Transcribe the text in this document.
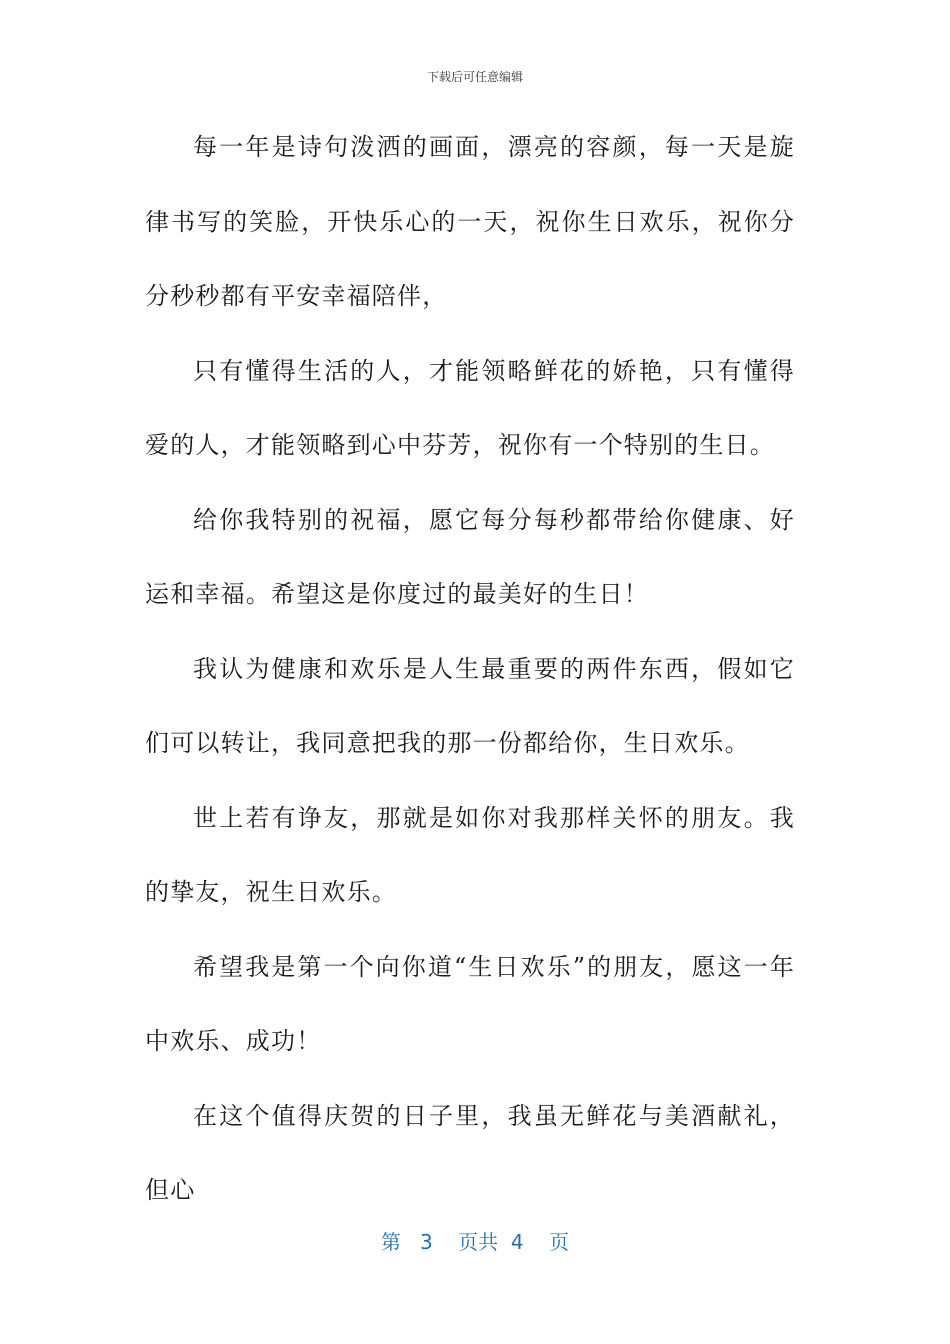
下载后可任意编辑

每一年是诗句泼洒的画面，漂亮的容颜，每一天是旋律书写的笑脸，开快乐心的一天，祝你生日欢乐，祝你分分秒秒都有平安幸福陪伴，

只有懂得生活的人，才能领略鲜花的娇艳，只有懂得爱的人，才能领略到心中芬芳，祝你有一个特别的生日。

给你我特别的祝福，愿它每分每秒都带给你健康、好运和幸福。希望这是你度过的最美好的生日！

我认为健康和欢乐是人生最重要的两件东西，假如它们可以转让，我同意把我的那一份都给你，生日欢乐。

世上若有诤友，那就是如你对我那样关怀的朋友。我的挚友，祝生日欢乐。

希望我是第一个向你道“生日欢乐”的朋友，愿这一年中欢乐、成功！

在这个值得庆贺的日子里，我虽无鲜花与美酒献礼，但心

第 3 页共 4 页
